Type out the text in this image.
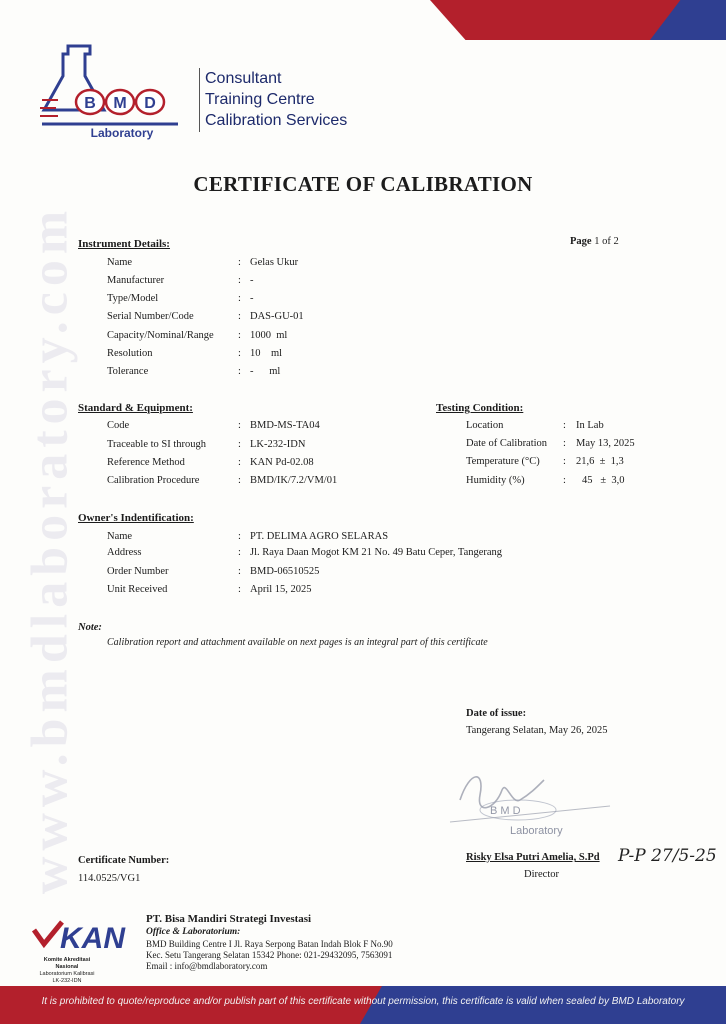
www.bmdlaboratory.com
B M D
Laboratory
Consultant
Training Centre
Calibration Services
CERTIFICATE OF CALIBRATION
Page 1 of 2
Instrument Details:
Name	: Gelas Ukur
Manufacturer	: -
Type/Model	: -
Serial Number/Code	: DAS-GU-01
Capacity/Nominal/Range : 1000  ml
Resolution	: 10    ml
Tolerance	: -      ml
Standard & Equipment:
Code	: BMD-MS-TA04
Traceable to SI through	: LK-232-IDN
Reference Method	: KAN Pd-02.08
Calibration Procedure	: BMD/IK/7.2/VM/01
Testing Condition:
Location	: In Lab
Date of Calibration : May 13, 2025
Temperature (°C) : 21,6  ±  1,3
Humidity (%)	: 45   ±  3,0
Owner's Indentification:
Name	: PT. DELIMA AGRO SELARAS
Address	: Jl. Raya Daan Mogot KM 21 No. 49 Batu Ceper, Tangerang
Order Number	: BMD-06510525
Unit Received	: April 15, 2025
Note:
Calibration report and attachment available on next pages is an integral part of this certificate
Date of issue:
Tangerang Selatan, May 26, 2025
B M D
Laboratory
Risky Elsa Putri Amelia, S.Pd
Director
P-P 27/5-25
Certificate Number:
114.0525/VG1
KAN
Komite Akreditasi Nasional
Laboratorium Kalibrasi
LK-232-IDN
PT. Bisa Mandiri Strategi Investasi
Office & Laboratorium:
BMD Building Centre I Jl. Raya Serpong Batan Indah Blok F No.90
Kec. Setu Tangerang Selatan 15342 Phone: 021-29432095, 7563091
Email : info@bmdlaboratory.com
It is prohibited to quote/reproduce and/or publish part of this certificate without permission, this certificate is valid when sealed by BMD Laboratory
